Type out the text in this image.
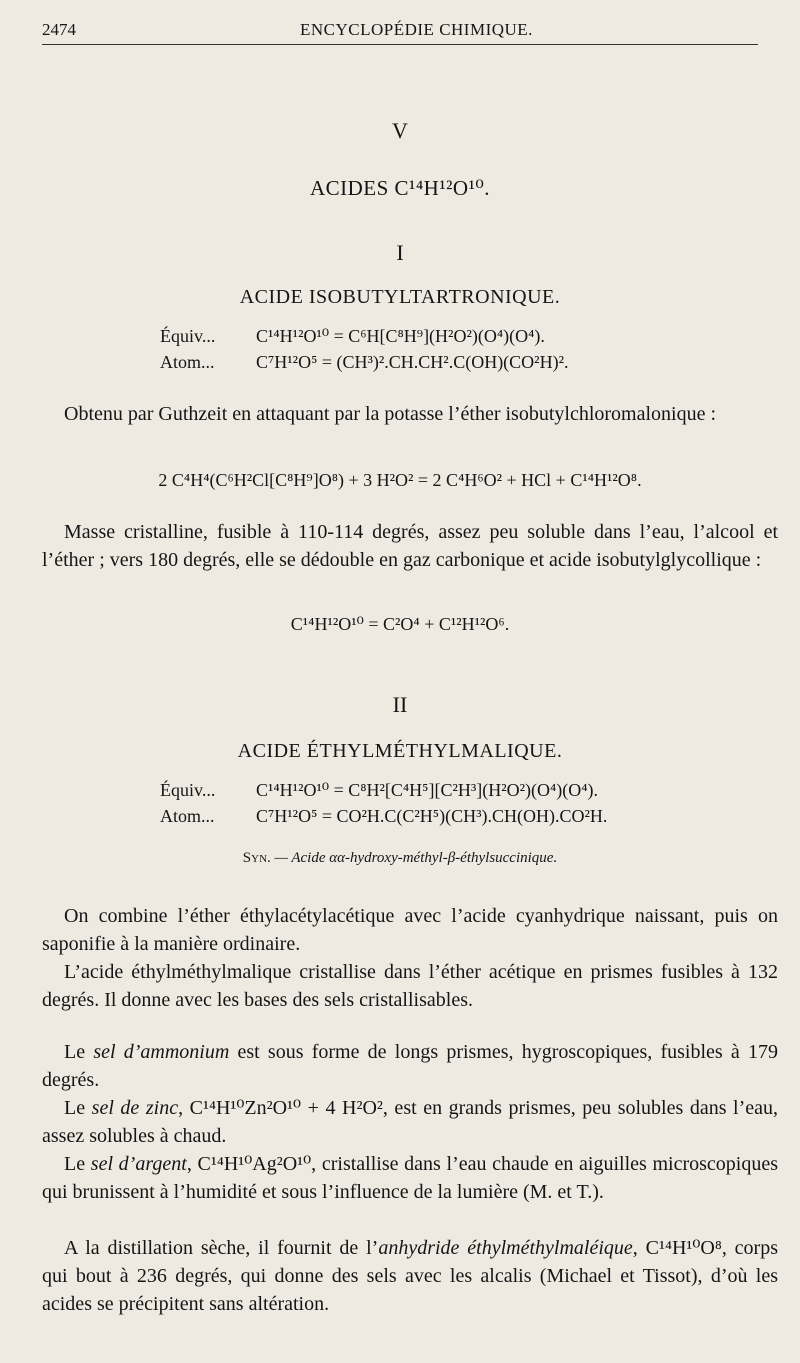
2474	ENCYCLOPÉDIE CHIMIQUE.
V
ACIDES C¹⁴H¹²O¹⁰.
I
ACIDE ISOBUTYLTARTRONIQUE.
Équiv... C¹⁴H¹²O¹⁰ = C⁶H[C⁸H⁹](H²O²)(O⁴)(O⁴).
Atom... C⁷H¹²O⁵ = (CH³)².CH.CH².C(OH)(CO²H)².
Obtenu par Guthzeit en attaquant par la potasse l’éther isobutylchloromalonique :
2 C⁴H⁴(C⁶H²Cl[C⁸H⁹]O⁸) + 3 H²O² = 2 C⁴H⁶O² + HCl + C¹⁴H¹²O⁸.
Masse cristalline, fusible à 110-114 degrés, assez peu soluble dans l’eau, l’alcool et l’éther ; vers 180 degrés, elle se dédouble en gaz carbonique et acide isobutylglycollique :
C¹⁴H¹²O¹⁰ = C²O⁴ + C¹²H¹²O⁶.
II
ACIDE ÉTHYLMÉTHYLMALIQUE.
Équiv... C¹⁴H¹²O¹⁰ = C⁸H²[C⁴H⁵][C²H³](H²O²)(O⁴)(O⁴).
Atom... C⁷H¹²O⁵ = CO²H.C(C²H⁵)(CH³).CH(OH).CO²H.
Syn. — Acide αα-hydroxy-méthyl-β-éthylsuccinique.
On combine l’éther éthylacétylacétique avec l’acide cyanhydrique naissant, puis on saponifie à la manière ordinaire.
L’acide éthylméthylmalique cristallise dans l’éther acétique en prismes fusibles à 132 degrés. Il donne avec les bases des sels cristallisables.
Le sel d’ammonium est sous forme de longs prismes, hygroscopiques, fusibles à 179 degrés.
Le sel de zinc, C¹⁴H¹⁰Zn²O¹⁰ + 4 H²O², est en grands prismes, peu solubles dans l’eau, assez solubles à chaud.
Le sel d’argent, C¹⁴H¹⁰Ag²O¹⁰, cristallise dans l’eau chaude en aiguilles microscopiques qui brunissent à l’humidité et sous l’influence de la lumière (M. et T.).
A la distillation sèche, il fournit de l’anhydride éthylméthylmaléique, C¹⁴H¹⁰O⁸, corps qui bout à 236 degrés, qui donne des sels avec les alcalis (Michael et Tissot), d’où les acides se précipitent sans altération.
